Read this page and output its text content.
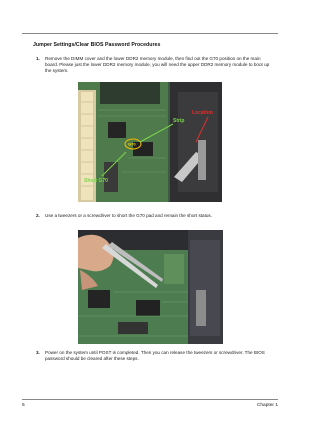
Jumper Settings/Clear BIOS Password Procedures
1. Remove the DIMM cover and the lower DDR2 memory module, then find out the G70 position on the main board. Please just the lower DDR2 memory module, you will need the upper DDR2 memory module to boot up the system.
G70
Strip
Location
Short G70
2. Use a tweezers or a screwdriver to short the G70 pad and remain the short status.
3. Power on the system until POST is completed. Then you can release the tweezers or screwdriver. The BIOS password should be cleared after these steps.
6	Chapter 1
